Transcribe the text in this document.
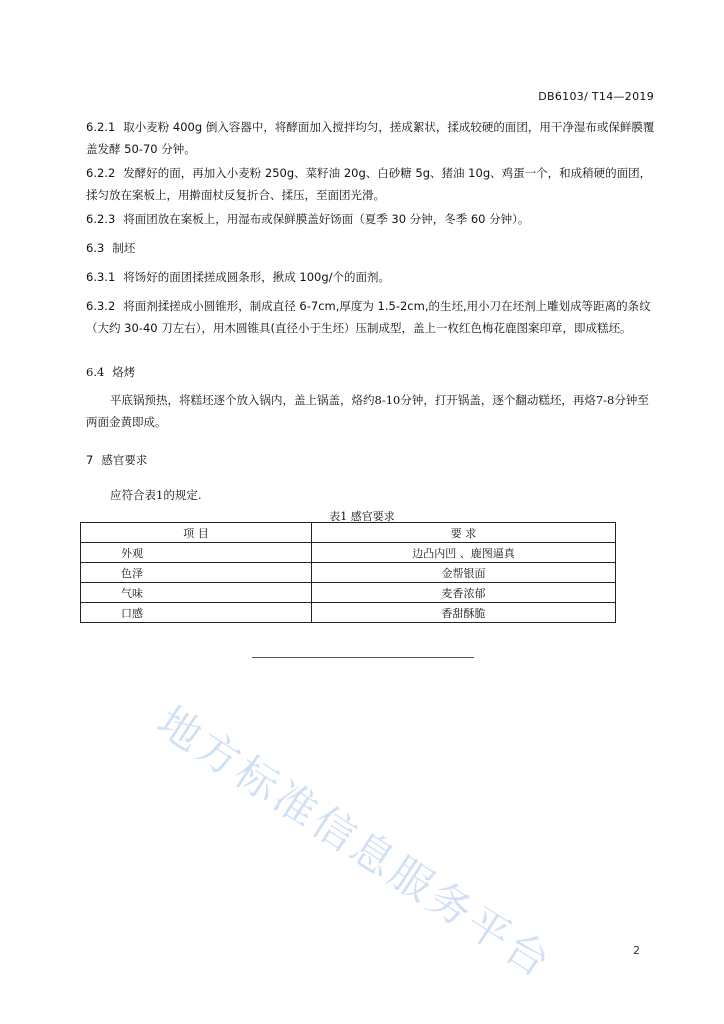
DB6103/ T14—2019
6.2.1 取小麦粉 400g 倒入容器中，将酵面加入搅拌均匀，搓成絮状，揉成较硬的面团，用干净湿布或保鲜膜覆盖发酵 50-70 分钟。
6.2.2 发酵好的面，再加入小麦粉 250g、菜籽油 20g、白砂糖 5g、猪油 10g、鸡蛋一个，和成稍硬的面团，揉匀放在案板上，用擀面杖反复折合、揉压，至面团光滑。
6.2.3 将面团放在案板上，用湿布或保鲜膜盖好饧面（夏季 30 分钟，冬季 60 分钟）。
6.3 制坯
6.3.1 将饧好的面团揉搓成圆条形，揪成 100g/个的面剂。
6.3.2 将面剂揉搓成小圆锥形，制成直径 6-7cm,厚度为 1.5-2cm,的生坯,用小刀在坯剂上雕划成等距离的条纹（大约 30-40 刀左右），用木圆锥具(直径小于生坯）压制成型，盖上一枚红色梅花鹿图案印章，即成糕坯。
6.4 烙烤
平底锅预热，将糕坯逐个放入锅内，盖上锅盖，烙约8-10分钟，打开锅盖，逐个翻动糕坯，再烙7-8分钟至两面金黄即成。
7 感官要求
应符合表1的规定.
表1 感官要求
项 目	要 求
外观	边凸内凹 、鹿图逼真
色泽	金帮银面
气味	麦香浓郁
口感	香甜酥脆
地方标准信息服务平台	2
